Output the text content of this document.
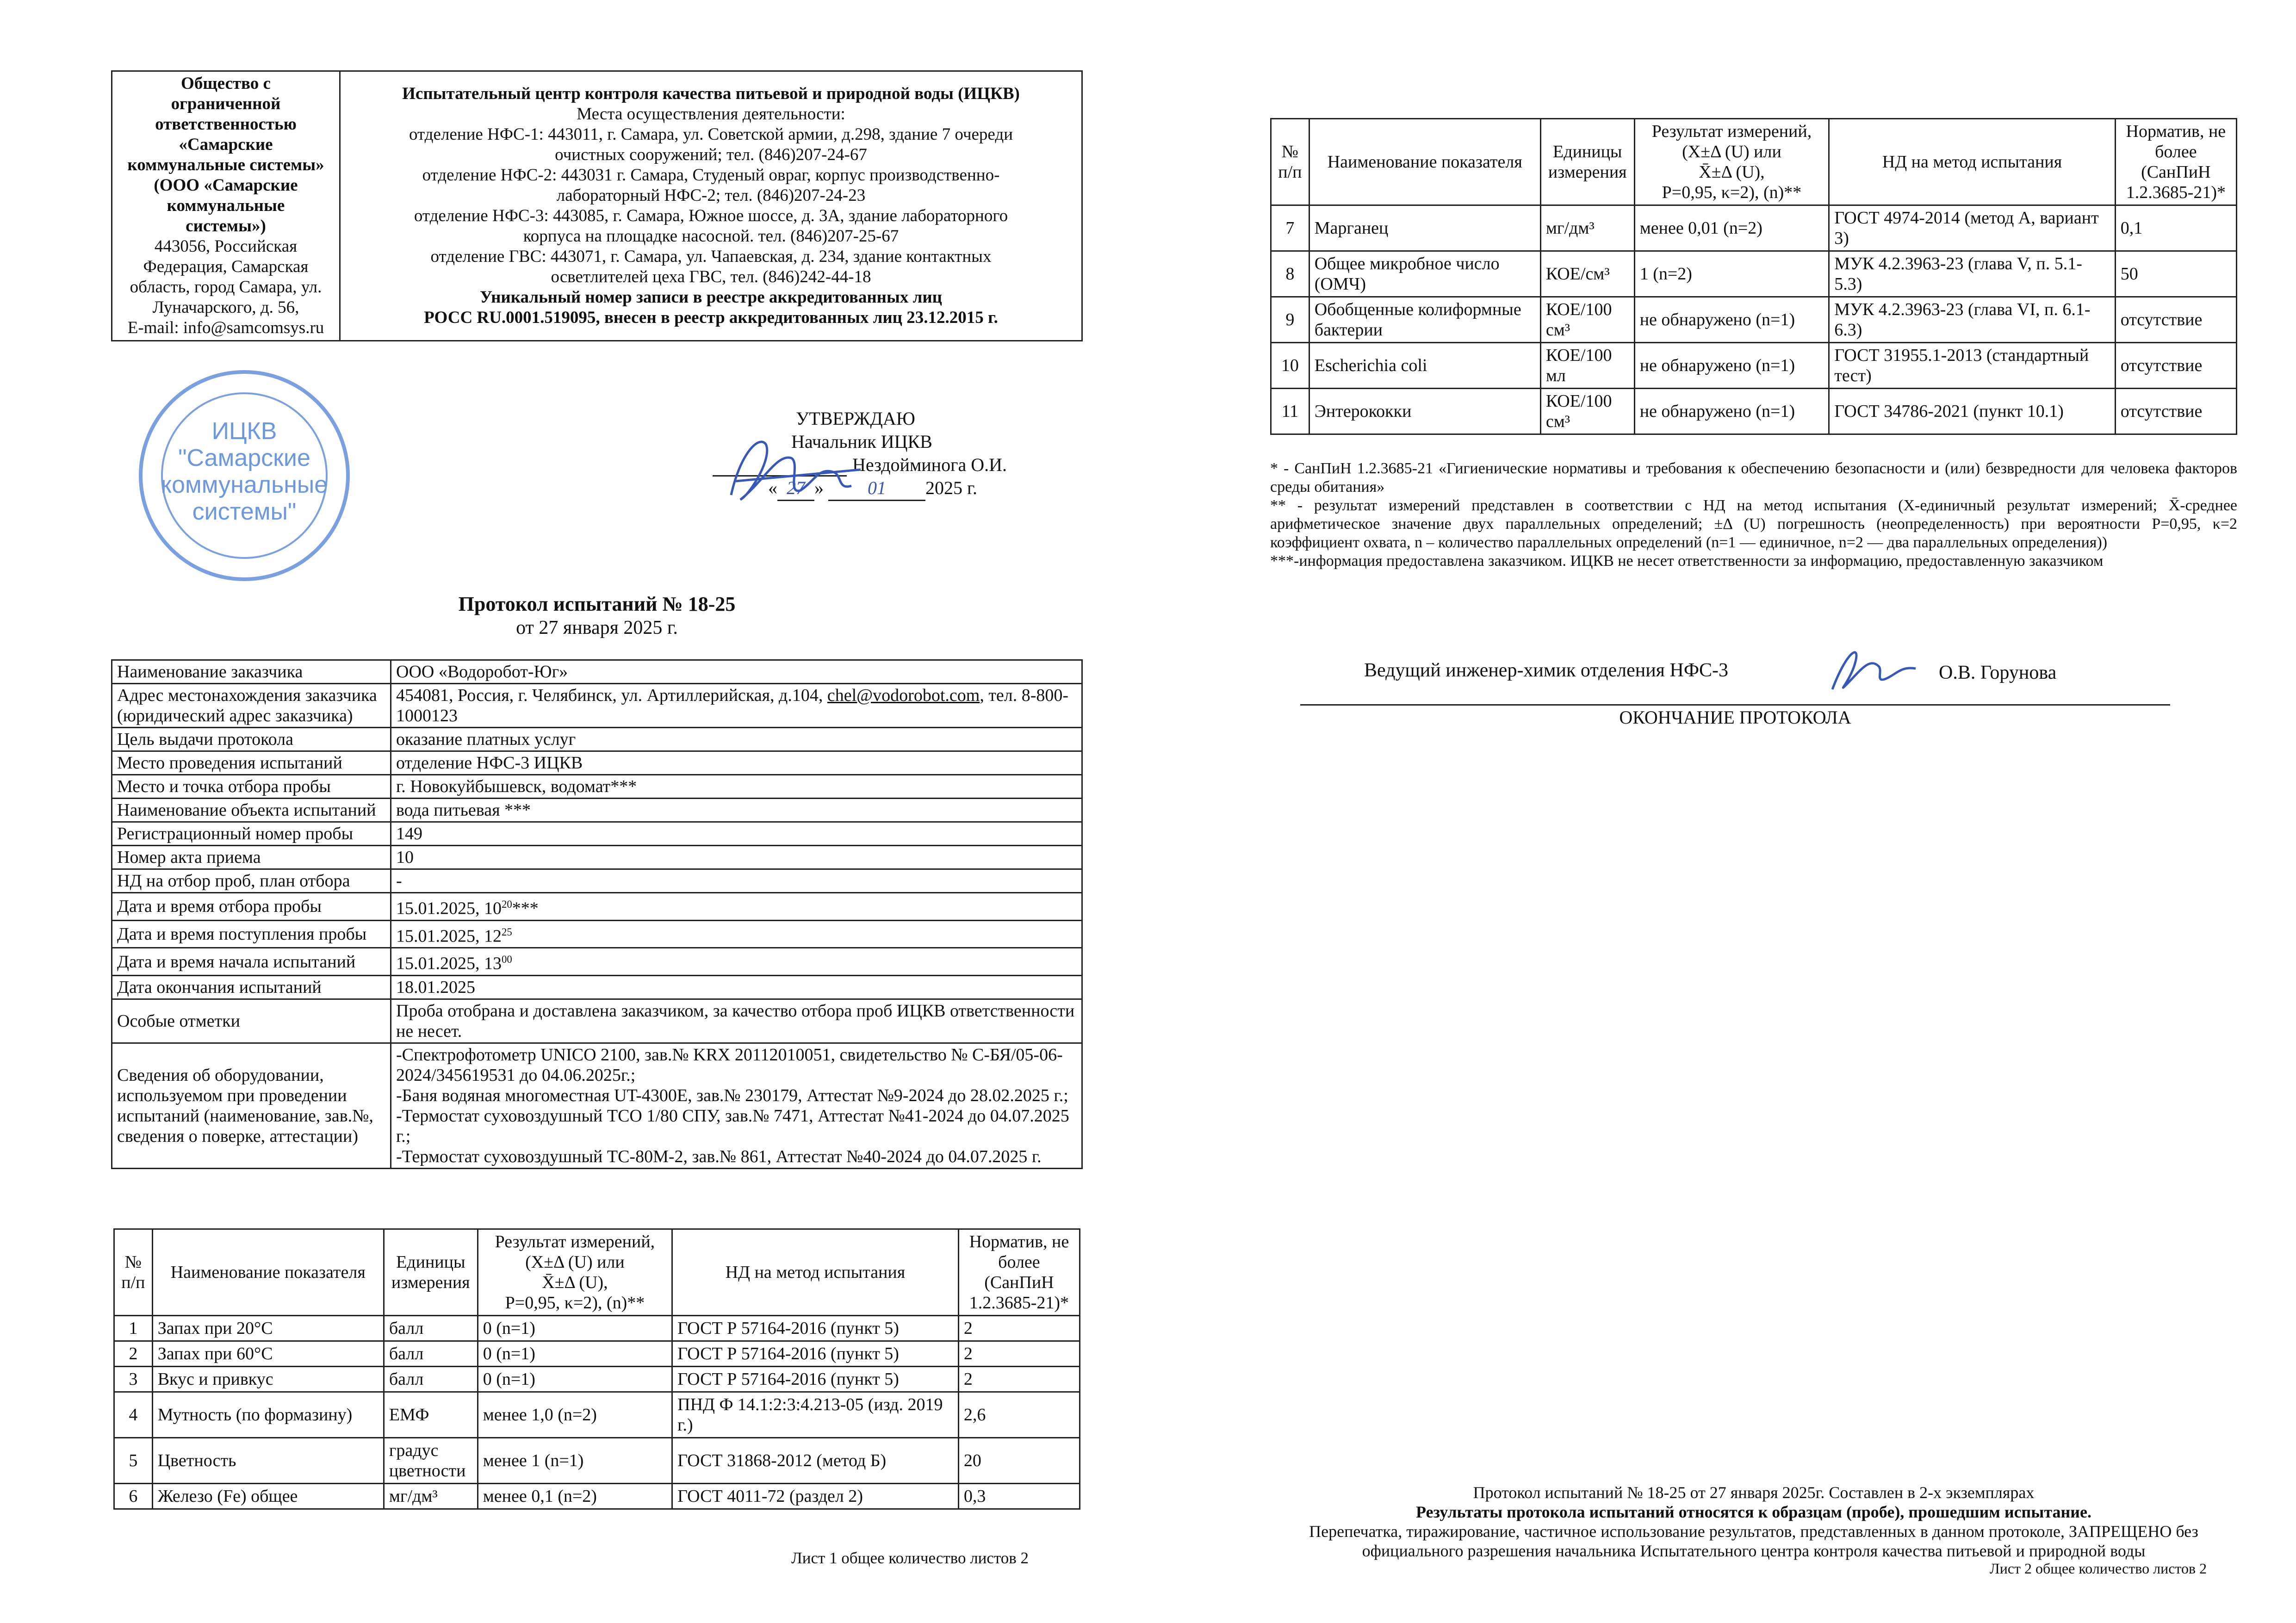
Общество с
ограниченной
ответственностью
«Самарские
коммунальные системы»
(ООО «Самарские
коммунальные
системы»)
443056, Российская
Федерация, Самарская
область, город Самара, ул.
Луначарского, д. 56,
E-mail: info@samcomsys.ru

Испытательный центр контроля качества питьевой и природной воды (ИЦКВ)
Места осуществления деятельности:
отделение НФС-1: 443011, г. Самара, ул. Советской армии, д.298, здание 7 очереди
очистных сооружений; тел. (846)207-24-67
отделение НФС-2: 443031 г. Самара, Студеный овраг, корпус производственно-
лабораторный НФС-2; тел. (846)207-24-23
отделение НФС-3: 443085, г. Самара, Южное шоссе, д. 3А, здание лабораторного
корпуса на площадке насосной. тел. (846)207-25-67
отделение ГВС: 443071, г. Самара, ул. Чапаевская, д. 234, здание контактных
осветлителей цеха ГВС, тел. (846)242-44-18
Уникальный номер записи в реестре аккредитованных лиц
РОСС RU.0001.519095, внесен в реестр аккредитованных лиц 23.12.2015 г.
ИЦКВ
"Самарские
коммунальные
системы"
УТВЕРЖДАЮ
Начальник ИЦКВ
Нездойминога О.И.
« 27 » 01 2025 г.
Протокол испытаний № 18-25
от 27 января 2025 г.
Наименование заказчика	ООО «Водоробот-Юг»
Адрес местонахождения заказчика (юридический адрес заказчика)	454081, Россия, г. Челябинск, ул. Артиллерийская, д.104, chel@vodorobot.com, тел. 8-800-1000123
Цель выдачи протокола	оказание платных услуг
Место проведения испытаний	отделение НФС-3 ИЦКВ
Место и точка отбора пробы	г. Новокуйбышевск, водомат***
Наименование объекта испытаний	вода питьевая ***
Регистрационный номер пробы	149
Номер акта приема	10
НД на отбор проб, план отбора	-
Дата и время отбора пробы	15.01.2025, $10^{20}***$
Дата и время поступления пробы	15.01.2025, $12^{25}$
Дата и время начала испытаний	15.01.2025, $13^{00}$
Дата окончания испытаний	18.01.2025
Особые отметки	Проба отобрана и доставлена заказчиком, за качество отбора проб ИЦКВ ответственности не несет.
Сведения об оборудовании, используемом при проведении испытаний (наименование, зав.№, сведения о поверке, аттестации)	-Спектрофотометр UNICO 2100, зав.№ KRX 20112010051, свидетельство № С-БЯ/05-06-2024/345619531 до 04.06.2025г.;
-Баня водяная многоместная UT-4300E, зав.№ 230179, Аттестат №9-2024 до 28.02.2025 г.;
-Термостат суховоздушный ТСО 1/80 СПУ, зав.№ 7471, Аттестат №41-2024 до 04.07.2025 г.;
-Термостат суховоздушный ТС-80М-2, зав.№ 861, Аттестат №40-2024 до 04.07.2025 г.
№ п/п	Наименование показателя	Единицы измерения	Результат измерений,
(X±Δ (U) или
X̄±Δ (U),
P=0,95, κ=2), (n)**	НД на метод испытания	Норматив, не более (СанПиН 1.2.3685-21)*
1	Запах при 20°С	балл	0 (n=1)	ГОСТ Р 57164-2016 (пункт 5)	2
2	Запах при 60°С	балл	0 (n=1)	ГОСТ Р 57164-2016 (пункт 5)	2
3	Вкус и привкус	балл	0 (n=1)	ГОСТ Р 57164-2016 (пункт 5)	2
4	Мутность (по формазину)	ЕМФ	менее 1,0 (n=2)	ПНД Ф 14.1:2:3:4.213-05 (изд. 2019 г.)	2,6
5	Цветность	градус цветности	менее 1 (n=1)	ГОСТ 31868-2012 (метод Б)	20
6	Железо (Fe) общее	мг/дм³	менее 0,1 (n=2)	ГОСТ 4011-72 (раздел 2)	0,3
Лист 1 общее количество листов 2
№ п/п	Наименование показателя	Единицы измерения	Результат измерений,
(X±Δ (U) или
X̄±Δ (U),
P=0,95, κ=2), (n)**	НД на метод испытания	Норматив, не более (СанПиН 1.2.3685-21)*
7	Марганец	мг/дм³	менее 0,01 (n=2)	ГОСТ 4974-2014 (метод А, вариант 3)	0,1
8	Общее микробное число (ОМЧ)	КОЕ/см³	1 (n=2)	МУК 4.2.3963-23 (глава V, п. 5.1-5.3)	50
9	Обобщенные колиформные бактерии	КОЕ/100 см³	не обнаружено (n=1)	МУК 4.2.3963-23 (глава VI, п. 6.1-6.3)	отсутствие
10	Escherichia coli	КОЕ/100 мл	не обнаружено (n=1)	ГОСТ 31955.1-2013 (стандартный тест)	отсутствие
11	Энтерококки	КОЕ/100 см³	не обнаружено (n=1)	ГОСТ 34786-2021 (пункт 10.1)	отсутствие
* - СанПиН 1.2.3685-21 «Гигиенические нормативы и требования к обеспечению безопасности и (или) безвредности для человека факторов среды обитания»
** - результат измерений представлен в соответствии с НД на метод испытания (X-единичный результат измерений; X̄-среднее арифметическое значение двух параллельных определений; ±Δ (U) погрешность (неопределенность) при вероятности P=0,95, κ=2 коэффициент охвата, n – количество параллельных определений (n=1 — единичное, n=2 — два параллельных определения))
***-информация предоставлена заказчиком. ИЦКВ не несет ответственности за информацию, предоставленную заказчиком
Ведущий инженер-химик отделения НФС-3	О.В. Горунова
ОКОНЧАНИЕ ПРОТОКОЛА
Протокол испытаний № 18-25 от 27 января 2025г. Составлен в 2-х экземплярах
Результаты протокола испытаний относятся к образцам (пробе), прошедшим испытание.
Перепечатка, тиражирование, частичное использование результатов, представленных в данном протоколе, ЗАПРЕЩЕНО без официального разрешения начальника Испытательного центра контроля качества питьевой и природной воды
Лист 2 общее количество листов 2
